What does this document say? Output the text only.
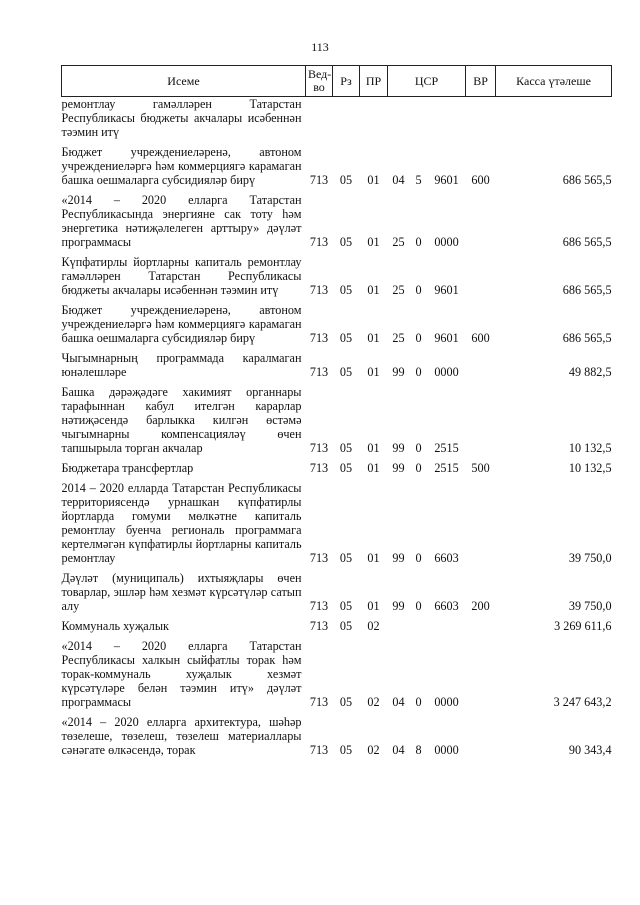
113
Исеме	Вед-во	Рз	ПР	ЦСР			ВР	Касса үтәлеше
ремонтлау гамәлләрен Татарстан Республикасы бюджеты акчалары исәбеннән тәэмин итү								

Бюджет учреждениеләренә, автоном учреждениеләргә һәм коммерциягә карамаган башка оешмаларга субсидияләр бирү	713	05	01	04	5	9601	600	686 565,5

«2014 – 2020 елларга Татарстан Республикасында энергияне сак тоту һәм энергетика нәтиҗәлелеген арттыру» дәүләт программасы	713	05	01	25	0	0000		686 565,5

Күпфатирлы йортларны капиталь ремонтлау гамәлләрен Татарстан Республикасы бюджеты акчалары исәбеннән тәэмин итү	713	05	01	25	0	9601		686 565,5

Бюджет учреждениеләренә, автоном учреждениеләргә һәм коммерциягә карамаган башка оешмаларга субсидияләр бирү	713	05	01	25	0	9601	600	686 565,5

Чыгымнарның программада каралмаган юнәлешләре	713	05	01	99	0	0000		49 882,5

Башка дәрәҗәдәге хакимият органнары тарафыннан кабул ителгән карарлар нәтиҗәсендә барлыкка килгән өстәмә чыгымнарны компенсацияләү өчен тапшырыла торган акчалар	713	05	01	99	0	2515		10 132,5

Бюджетара трансфертлар	713	05	01	99	0	2515	500	10 132,5

2014 – 2020 елларда Татарстан Республикасы территориясендә урнашкан күпфатирлы йортларда гомуми мөлкәтне капиталь ремонтлау буенча региональ программага кертелмәгән күпфатирлы йортларны капиталь ремонтлау	713	05	01	99	0	6603		39 750,0

Дәүләт (муниципаль) ихтыяҗлары өчен товарлар, эшләр һәм хезмәт күрсәтүләр сатып алу	713	05	01	99	0	6603	200	39 750,0

Коммуналь хуҗалык	713	05	02					3 269 611,6

«2014 – 2020 елларга Татарстан Республикасы халкын сыйфатлы торак һәм торак-коммуналь хуҗалык хезмәт күрсәтүләре белән тәэмин итү» дәүләт программасы	713	05	02	04	0	0000		3 247 643,2

«2014 – 2020 елларга архитектура, шәһәр төзелеше, төзелеш, төзелеш материаллары сәнәгате өлкәсендә, торак	713	05	02	04	8	0000		90 343,4
